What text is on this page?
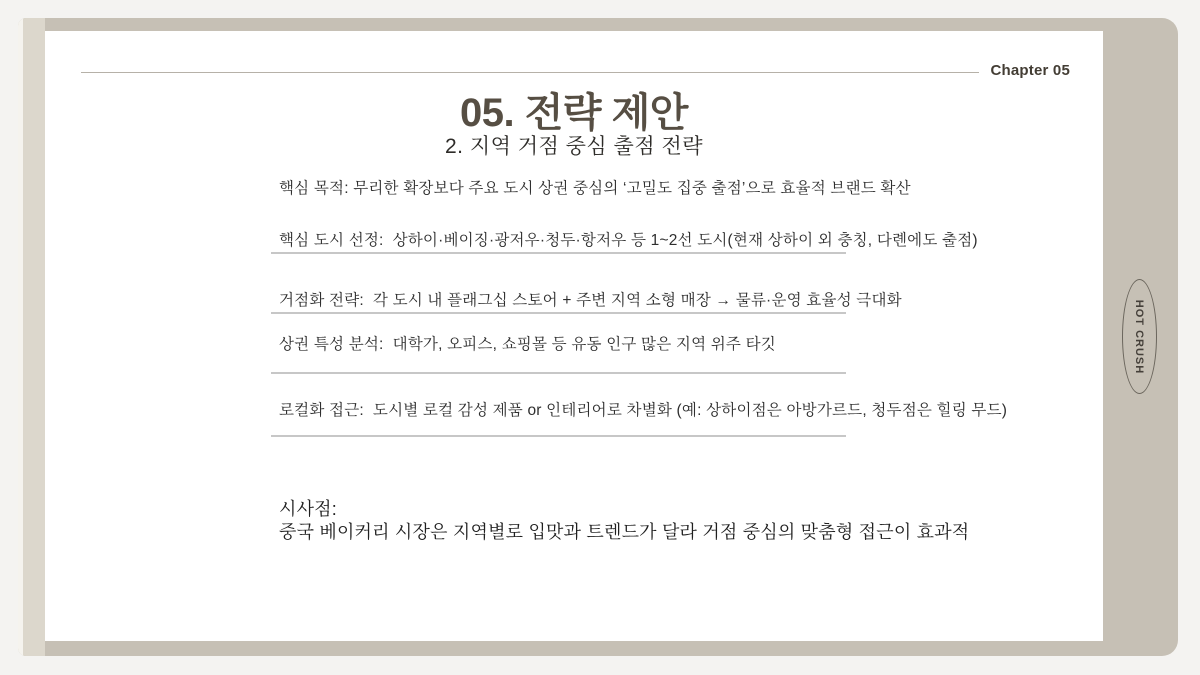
Chapter 05
05. 전략 제안
2. 지역 거점 중심 출점 전략
핵심 목적: 무리한 확장보다 주요 도시 상권 중심의 ‘고밀도 집중 출점’으로 효율적 브랜드 확산
핵심 도시 선정:  상하이·베이징·광저우·청두·항저우 등 1~2선 도시(현재 상하이 외 충칭, 다롄에도 출점)
거점화 전략:  각 도시 내 플래그십 스토어 + 주변 지역 소형 매장 → 물류·운영 효율성 극대화
상권 특성 분석:  대학가, 오피스, 쇼핑몰 등 유동 인구 많은 지역 위주 타깃
로컬화 접근:  도시별 로컬 감성 제품 or 인테리어로 차별화 (예: 상하이점은 아방가르드, 청두점은 힐링 무드)
시사점:
중국 베이커리 시장은 지역별로 입맛과 트렌드가 달라 거점 중심의 맞춤형 접근이 효과적
HOT CRUSH
